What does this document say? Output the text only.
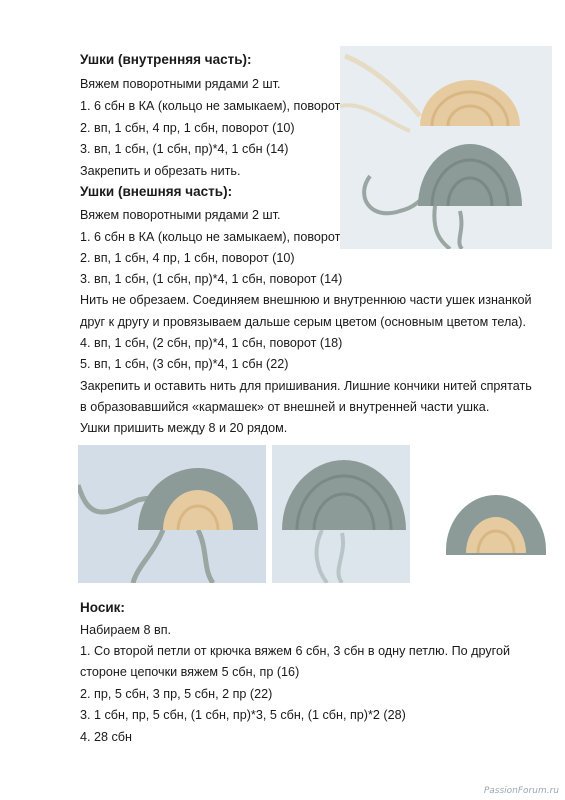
Ушки (внутренняя часть):
Вяжем поворотными рядами 2 шт.
1. 6 сбн в КА (кольцо не замыкаем), поворот
2. вп, 1 сбн, 4 пр, 1 сбн, поворот (10)
3. вп, 1 сбн, (1 сбн, пр)*4, 1 сбн (14)
Закрепить и обрезать нить.
Ушки (внешняя часть):
Вяжем поворотными рядами 2 шт.
1. 6 сбн в КА (кольцо не замыкаем), поворот
2. вп, 1 сбн, 4 пр, 1 сбн, поворот (10)
3. вп, 1 сбн, (1 сбн, пр)*4, 1 сбн, поворот (14)
Нить не обрезаем. Соединяем внешнюю и внутреннюю части ушек изнанкой
друг к другу и провязываем дальше серым цветом (основным цветом тела).
4. вп, 1 сбн, (2 сбн, пр)*4, 1 сбн, поворот (18)
5. вп, 1 сбн, (3 сбн, пр)*4, 1 сбн (22)
Закрепить и оставить нить для пришивания. Лишние кончики нитей спрятать
в образовавшийся «кармашек» от внешней и внутренней части ушка.
Ушки пришить между 8 и 20 рядом.
Носик:
Набираем 8 вп.
1. Со второй петли от крючка вяжем 6 сбн, 3 сбн в одну петлю. По другой
стороне цепочки вяжем 5 сбн, пр (16)
2. пр, 5 сбн, 3 пр, 5 сбн, 2 пр (22)
3. 1 сбн, пр, 5 сбн, (1 сбн, пр)*3, 5 сбн, (1 сбн, пр)*2 (28)
4. 28 сбн
PassionForum.ru
